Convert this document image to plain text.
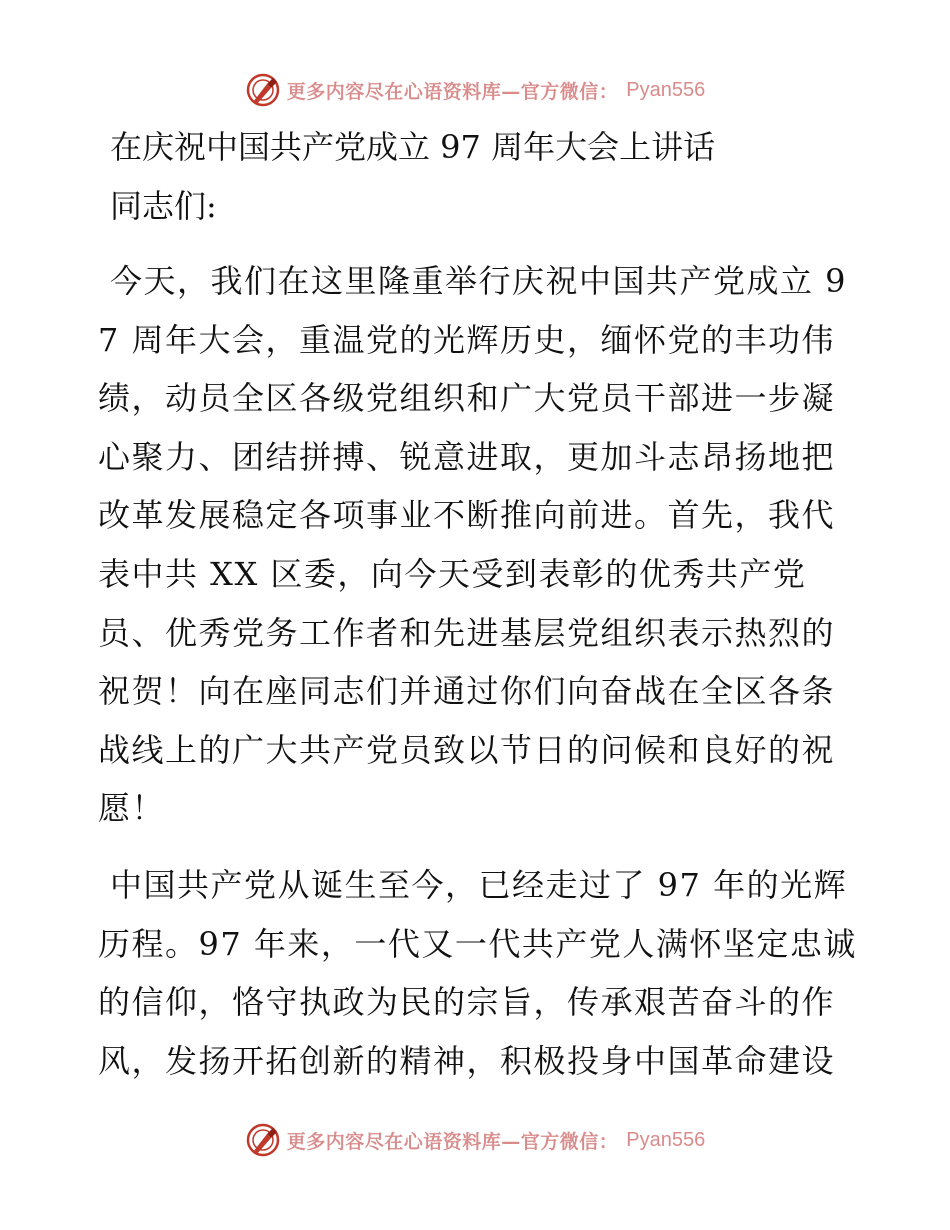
更多内容尽在心语资料库—官方微信： Pyan556
在庆祝中国共产党成立 97 周年大会上讲话
同志们:

今天，我们在这里隆重举行庆祝中国共产党成立 97 周年大会，重温党的光辉历史，缅怀党的丰功伟绩，动员全区各级党组织和广大党员干部进一步凝心聚力、团结拼搏、锐意进取，更加斗志昂扬地把改革发展稳定各项事业不断推向前进。首先，我代表中共 XX 区委，向今天受到表彰的优秀共产党员、优秀党务工作者和先进基层党组织表示热烈的祝贺！向在座同志们并通过你们向奋战在全区各条战线上的广大共产党员致以节日的问候和良好的祝愿！

中国共产党从诞生至今，已经走过了 97 年的光辉历程。97 年来，一代又一代共产党人满怀坚定忠诚的信仰，恪守执政为民的宗旨，传承艰苦奋斗的作风，发扬开拓创新的精神，积极投身中国革命建设

更多内容尽在心语资料库—官方微信： Pyan556
